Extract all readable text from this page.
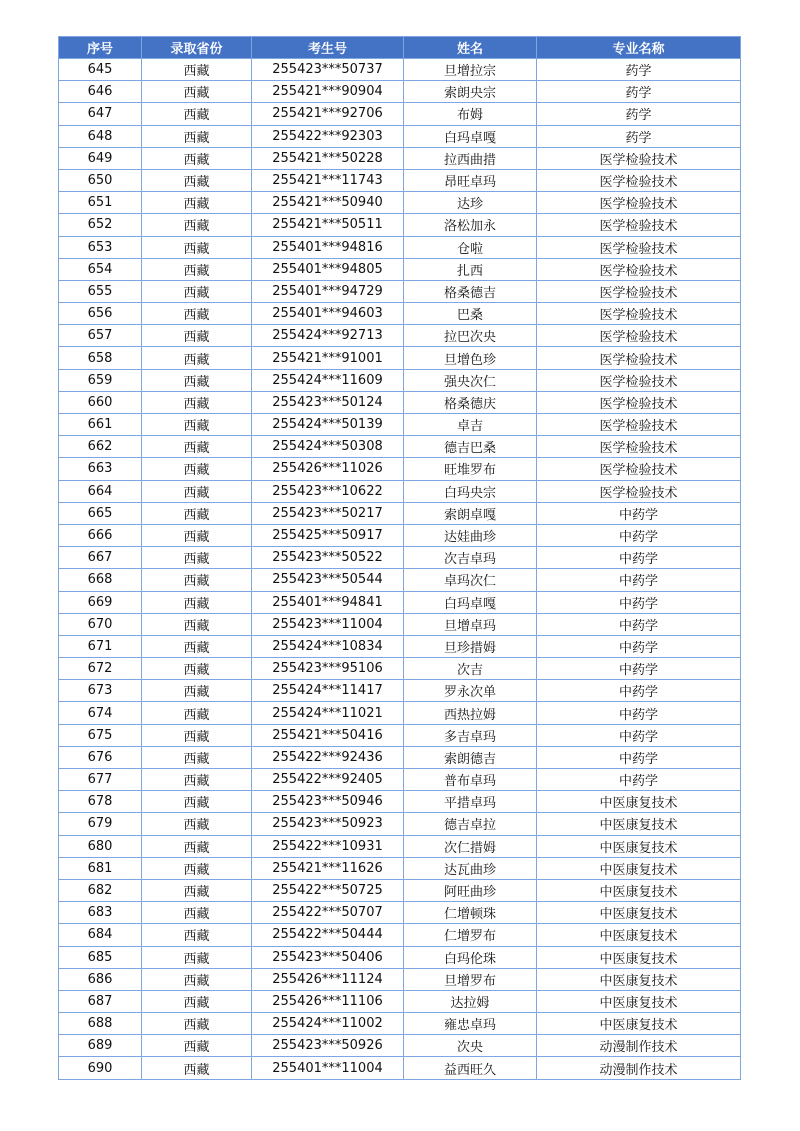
序号	录取省份	考生号	姓名	专业名称
645	西藏	255423***50737	旦增拉宗	药学
646	西藏	255421***90904	索朗央宗	药学
647	西藏	255421***92706	布姆	药学
648	西藏	255422***92303	白玛卓嘎	药学
649	西藏	255421***50228	拉西曲措	医学检验技术
650	西藏	255421***11743	昂旺卓玛	医学检验技术
651	西藏	255421***50940	达珍	医学检验技术
652	西藏	255421***50511	洛松加永	医学检验技术
653	西藏	255401***94816	仓啦	医学检验技术
654	西藏	255401***94805	扎西	医学检验技术
655	西藏	255401***94729	格桑德吉	医学检验技术
656	西藏	255401***94603	巴桑	医学检验技术
657	西藏	255424***92713	拉巴次央	医学检验技术
658	西藏	255421***91001	旦增色珍	医学检验技术
659	西藏	255424***11609	强央次仁	医学检验技术
660	西藏	255423***50124	格桑德庆	医学检验技术
661	西藏	255424***50139	卓吉	医学检验技术
662	西藏	255424***50308	德吉巴桑	医学检验技术
663	西藏	255426***11026	旺堆罗布	医学检验技术
664	西藏	255423***10622	白玛央宗	医学检验技术
665	西藏	255423***50217	索朗卓嘎	中药学
666	西藏	255425***50917	达娃曲珍	中药学
667	西藏	255423***50522	次吉卓玛	中药学
668	西藏	255423***50544	卓玛次仁	中药学
669	西藏	255401***94841	白玛卓嘎	中药学
670	西藏	255423***11004	旦增卓玛	中药学
671	西藏	255424***10834	旦珍措姆	中药学
672	西藏	255423***95106	次吉	中药学
673	西藏	255424***11417	罗永次单	中药学
674	西藏	255424***11021	西热拉姆	中药学
675	西藏	255421***50416	多吉卓玛	中药学
676	西藏	255422***92436	索朗德吉	中药学
677	西藏	255422***92405	普布卓玛	中药学
678	西藏	255423***50946	平措卓玛	中医康复技术
679	西藏	255423***50923	德吉卓拉	中医康复技术
680	西藏	255422***10931	次仁措姆	中医康复技术
681	西藏	255421***11626	达瓦曲珍	中医康复技术
682	西藏	255422***50725	阿旺曲珍	中医康复技术
683	西藏	255422***50707	仁增顿珠	中医康复技术
684	西藏	255422***50444	仁增罗布	中医康复技术
685	西藏	255423***50406	白玛伦珠	中医康复技术
686	西藏	255426***11124	旦增罗布	中医康复技术
687	西藏	255426***11106	达拉姆	中医康复技术
688	西藏	255424***11002	雍忠卓玛	中医康复技术
689	西藏	255423***50926	次央	动漫制作技术
690	西藏	255401***11004	益西旺久	动漫制作技术
